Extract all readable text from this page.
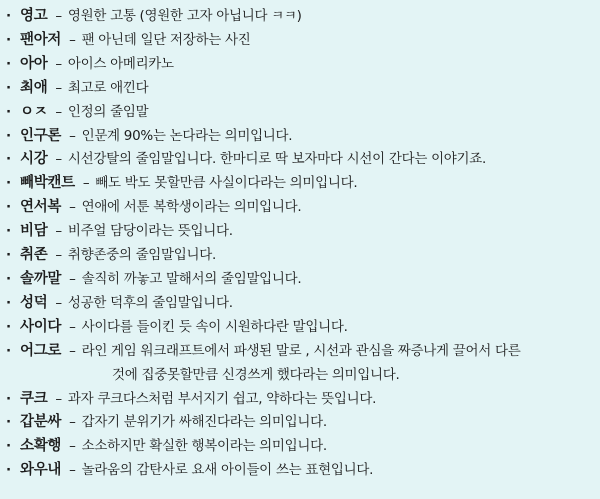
· 영고 – 영원한 고통 (영원한 고자 아닙니다 ㅋㅋ)
· 팬아저 – 팬 아닌데 일단 저장하는 사진
· 아아 – 아이스 아메리카노
· 최애 – 최고로 애낀다
· ㅇㅈ – 인정의 줄임말
· 인구론 – 인문계 90%는 논다라는 의미입니다.
· 시강 – 시선강탈의 줄임말입니다. 한마디로 딱 보자마다 시선이 간다는 이야기죠.
· 빼박캔트 – 빼도 박도 못할만큼 사실이다라는 의미입니다.
· 연서복 – 연애에 서툰 복학생이라는 의미입니다.
· 비담 – 비주얼 담당이라는 뜻입니다.
· 취존 – 취향존중의 줄임말입니다.
· 솔까말 – 솔직히 까놓고 말해서의 줄임말입니다.
· 성덕 – 성공한 덕후의 줄임말입니다.
· 사이다 – 사이다를 들이킨 듯 속이 시원하다란 말입니다.
· 어그로 – 라인 게임 워크래프트에서 파생된 말로 , 시선과 관심을 짜증나게 끌어서 다른
것에 집중못할만큼 신경쓰게 했다라는 의미입니다.
· 쿠크 – 과자 쿠크다스처럼 부서지기 쉽고, 약하다는 뜻입니다.
· 갑분싸 – 갑자기 분위기가 싸해진다라는 의미입니다.
· 소확행 – 소소하지만 확실한 행복이라는 의미입니다.
· 와우내 – 놀라움의 감탄사로 요새 아이들이 쓰는 표현입니다.
